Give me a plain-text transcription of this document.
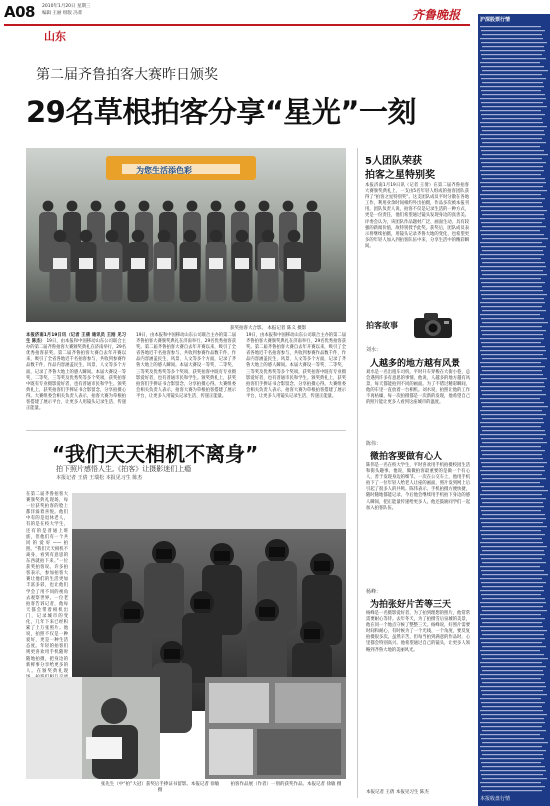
A08 2010年1月20日 星期三
编辑 王丽 组版 冯菁
山东
齐鲁晚报	沪深股票行情
本报收盘行情
第二届齐鲁拍客大赛昨日颁奖
29名草根拍客分享“星光”一刻
为您生活添色彩
获奖拍客大合影。 本报记者 陈义 摄影
本报济南1月19日讯（记者 王倩 通讯员 王刚 见习生 陈杰） 19日，由本报和中国移动山东公司联合主办的第二届齐鲁拍客大赛颁奖典礼在济南举行，29名优秀拍客获奖。第二届齐鲁拍客大赛自去年开赛以来，吸引了全省各地近千名拍客参与，共收到参赛作品数千件，作品内容涵盖民生、风景、人文等多个方面，记录了齐鲁大地上的感人瞬间。本届大赛设一等奖、二等奖、三等奖及优秀奖等多个奖项，获奖拍客中既有专业摄影爱好者，也有普通市民和学生。颁奖典礼上，获奖拍客们手捧证书合影留念，分享拍摄心得。大赛组委会相关负责人表示，拍客大赛为草根拍客搭建了展示平台，让更多人用镜头记录生活、传递正能量。
19日，由本报和中国移动山东公司联合主办的第二届齐鲁拍客大赛颁奖典礼在济南举行，29名优秀拍客获奖。第二届齐鲁拍客大赛自去年开赛以来，吸引了全省各地近千名拍客参与，共收到参赛作品数千件，作品内容涵盖民生、风景、人文等多个方面，记录了齐鲁大地上的感人瞬间。本届大赛设一等奖、二等奖、三等奖及优秀奖等多个奖项，获奖拍客中既有专业摄影爱好者，也有普通市民和学生。颁奖典礼上，获奖拍客们手捧证书合影留念，分享拍摄心得。大赛组委会相关负责人表示，拍客大赛为草根拍客搭建了展示平台，让更多人用镜头记录生活、传递正能量。
19日，由本报和中国移动山东公司联合主办的第二届齐鲁拍客大赛颁奖典礼在济南举行，29名优秀拍客获奖。第二届齐鲁拍客大赛自去年开赛以来，吸引了全省各地近千名拍客参与，共收到参赛作品数千件，作品内容涵盖民生、风景、人文等多个方面，记录了齐鲁大地上的感人瞬间。本届大赛设一等奖、二等奖、三等奖及优秀奖等多个奖项，获奖拍客中既有专业摄影爱好者，也有普通市民和学生。颁奖典礼上，获奖拍客们手捧证书合影留念，分享拍摄心得。大赛组委会相关负责人表示，拍客大赛为草根拍客搭建了展示平台，让更多人用镜头记录生活、传递正能量。
5人团队荣获
拍客之星特别奖
本报济南1月19日讯（记者 王倩）在第二届齐鲁拍客大赛颁奖典礼上，一支由5名年轻人组成的拍客团队获得了“拍客之星特别奖”。这支团队成员平时分散在各地工作，利用业余时间相约外出拍摄，作品多次被本报刊用。团队负责人说，拍客不仅是记录生活的一种方式，更是一份责任，他们希望通过镜头发现身边的真善美。评委会认为，该团队作品题材广泛、画面生动，具有较强的新闻价值，故特别授予此奖。获奖后，团队成员表示将继续拍摄，用镜头记录齐鲁大地的变化，也希望更多的年轻人加入到拍客队伍中来，分享生活中的精彩瞬间。
拍客故事
刘水：
人越多的地方越有风景
刘水是一名出租车司机，平时开车穿梭在大街小巷，总会遇到许多有意思的事情。他说，人越多的地方越有风景，每天都能拍到不同的画面。为了不错过精彩瞬间，他的车里一直放着一台相机。刘水说，拍照让他的工作不再枯燥，每一次拍摄都是一次新的发现，他希望自己的照片能让更多人看到这座城市的温度。
陈伟：
微拍客要做有心人
陈伟是一名在校大学生，平时喜欢用手机拍摄校园生活和街头趣事。他说，做微拍客最重要的是做一个有心人，善于发现身边的细节。一次在公交车上，他用手机拍下了一位年轻人给老人让座的画面，照片发到网上后引起了很多人的共鸣。陈伟表示，手机拍摄方便快捷，随时随地都能记录，今后他会继续用手机拍下身边的感人瞬间，把正能量传递给更多人。他还鼓励同学们一起加入拍客队伍。
杨峰：
为拍张好片苦等三天
杨峰是一名摄影爱好者，为了拍到理想的照片，他常常需要耐心等待。去年冬天，为了拍摄雪后泉城的美景，他在同一个地点守候了整整三天。杨峰说，好照片需要时间和耐心，有时候为了一个光线、一个角度，要反复拍摄很多次。虽然辛苦，但每当拍到满意的作品时，心里都会特别高兴。他希望通过自己的镜头，让更多人领略到齐鲁大地的美丽风光。
本报记者 王倩 本报见习生 陈杰
“我们天天相机不离身”
拍下照片感悟人生,《拍客》让摄影迷们上瘾
本报记者 王倩 王瑞松 本报见习生 陈杰
在第二届齐鲁拍客大赛颁奖典礼现场，每一位获奖拍客的脸上都洋溢着喜悦。他们中有的是退休老人，有的是在校大学生，还有的是普通上班族，但他们有一个共同的爱好——拍照。“我们天天相机不离身，看到有意思的东西就拍下来。”一位获奖拍客说。许多拍客表示，参加拍客大赛让他们的生活更加丰富多彩，也让他们学会了用不同的视角去观察世界。一位老拍客告诉记者，他每天都会带着相机出门，记录城市的变化，几年下来已经积累了上万张照片。他说，拍照不仅是一种爱好，更是一种生活态度。年轻的拍客们则更喜欢用手机随时随地拍摄，把身边的新鲜事分享给更多的人。在颁奖典礼现
张先生（中“拍”大冠）获奖后手捧证书留影。本报记者 徐敏 摄
拍客作品展（作者）一别的获奖作品。本报记者 徐敏 摄
